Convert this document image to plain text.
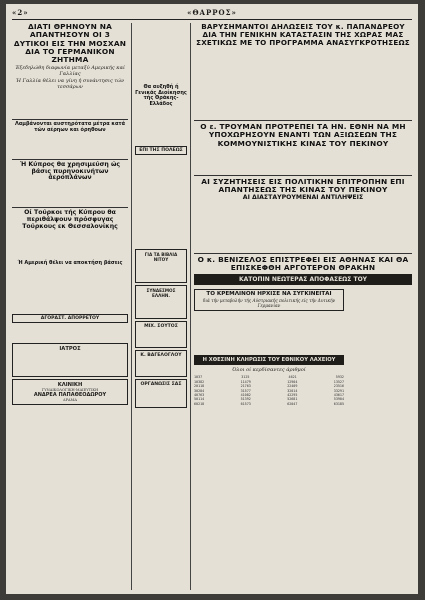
«2»	«ΘΑΡΡΟΣ»

ΔΙΑΤΙ ΘΡΗΝΟΥΝ ΝΑ ΑΠΑΝΤΗΣΟΥΝ ΟΙ 3 ΔΥΤΙΚΟΙ ΕΙΣ ΤΗΝ ΜΟΣΧΑΝ ΔΙΑ ΤΟ ΓΕΡΜΑΝΙΚΟΝ ΖΗΤΗΜΑ

Έξεδηλώθη διαφωνία μεταξύ Αμερικής καί Γαλλίας

Ή Γαλλία θέλει να γίνη ή συνάντησις τών τεσσάρων

Λαμβάνονται αυστηρότατα μέτρα κατά τών αέρηων και όρηθοων

Ή Κύπρος θα χρησιμεύση ώς βάσις πυρηνοκινήτων άεροπλάνων

Οί Τούρκοι τής Κύπρου θα περιθάλψουν πρόσφυγας Τούρκους εκ Θεσσαλονίκης

Ή Αμερική θέλει να αποκτήση βάσεις

ΑΓΟΡΑΣΤ. ΑΠΟΡΡΕΤΟΥ
ΙΑΤΡΟΣ
ΚΛΙΝΙΚΗ
ΓΥΝΑΙΚΟΛΟΓΙΚΗ-ΜΑΙΕΥΤΙΚΗ
ΑΝΔΡΕΑ ΠΑΠΑΘΕΟΔΩΡΟΥ
ΔΡΑΜΑ

Θα αυξηθή ή Γενικάς Διοίκησης τής Θράκης-Ελλάδος

ΕΠΙ ΤΗΣ ΠΟΛΕΩΣ
ΓΙΑ ΤΑ ΒΙΒΛΙΑ ΝΙΤΟΥ
ΣΥΝΔΕΣΜΟΣ ΕΛΛΗΝ.
ΜΙΧ. ΣΟΥΤΟΣ
Κ. ΒΑΓΕΛΟΓΛΟΥ
ΟΡΓΑΝΩΣΙΣ ΣΑΣ

ΒΑΡΥΣΗΜΑΝΤΟΙ ΔΗΛΩΣΕΙΣ ΤΟΥ κ. ΠΑΠΑΝΔΡΕΟΥ ΔΙΑ ΤΗΝ ΓΕΝΙΚΗΝ ΚΑΤΑΣΤΑΣΙΝ ΤΗΣ ΧΩΡΑΣ ΜΑΣ ΣΧΕΤΙΚΩΣ ΜΕ ΤΟ ΠΡΟΓΡΑΜΜΑ ΑΝΑΣΥΓΚΡΟΤΗΣΕΩΣ

Ο ε. ΤΡΟΥΜΑΝ ΠΡΟΤΡΕΠΕΙ ΤΑ ΗΝ. ΕΘΝΗ ΝΑ ΜΗ ΥΠΟΧΩΡΗΣΟΥΝ ΕΝΑΝΤΙ ΤΩΝ ΑΞΙΩΣΕΩΝ ΤΗΣ ΚΟΜΜΟΥΝΙΣΤΙΚΗΣ ΚΙΝΑΣ ΤΟΥ ΠΕΚΙΝΟΥ

ΑΙ ΣΥΖΗΤΗΣΕΙΣ ΕΙΣ ΠΟΛΙΤΙΚΗΝ ΕΠΙΤΡΟΠΗΝ ΕΠΙ ΑΠΑΝΤΗΣΕΩΣ ΤΗΣ ΚΙΝΑΣ ΤΟΥ ΠΕΚΙΝΟΥ

ΑΙ ΔΙΑΣΤΑΥΡΟΥΜΕΝΑΙ ΑΝΤΙΛΗΨΕΙΣ

Ο κ. ΒΕΝΙΖΕΛΟΣ ΕΠΙΣΤΡΕΦΕΙ ΕΙΣ ΑΘΗΝΑΣ ΚΑΙ ΘΑ ΕΠΙΣΚΕΦΘΗ ΑΡΓΟΤΕΡΟΝ ΘΡΑΚΗΝ

ΚΑΤΟΠΙΝ ΝΕΩΤΕΡΑΣ ΑΠΟΦΑΣΕΩΣ ΤΟΥ

ΤΟ ΚΡΕΜΛΙΝΟΝ ΗΡΧΙΣΕ ΝΑ ΣΥΓΚΙΝΕΙΤΑΙ

διά τήν μεταβολήν τής Αύστριακής πολιτικής είς τήν Δυτικήν Γερμανίαν

Η ΧΘΕΣΙΝΗ ΚΛΗΡΩΣΙΣ ΤΟΥ ΕΘΝΙΚΟΥ ΛΑΧΕΙΟΥ

Όλοι οί κερδίσαντες άριθμοί

1037	3125	4621	5932
10382	11479	12904	13527
20118	21763	22409	23516
30284	31577	32014	33291
40763	41082	42295	43617
50114	51392	52681	53904
60218	61573	62047	63185
